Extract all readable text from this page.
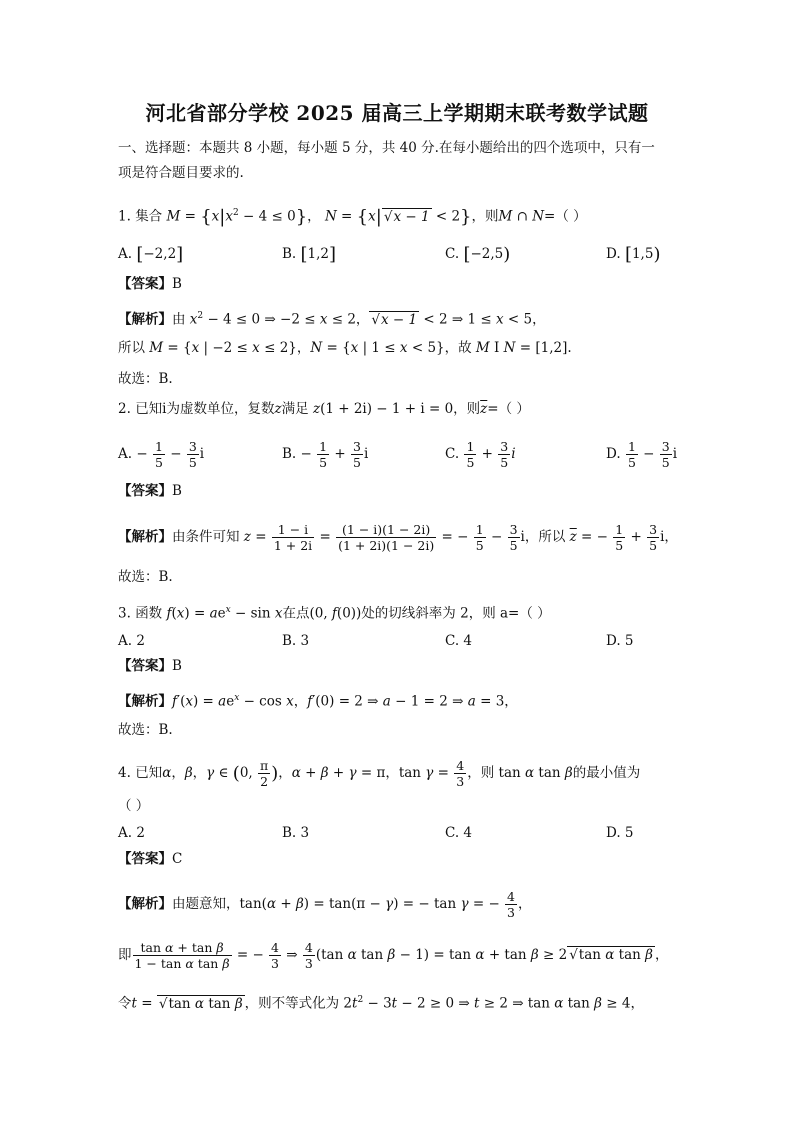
河北省部分学校 2025 届高三上学期期末联考数学试题
一、选择题：本题共 8 小题，每小题 5 分，共 40 分.在每小题给出的四个选项中，只有一
项是符合题目要求的.
1. 集合 $M = \{x|x^2 - 4 \le 0\}$， N = {x| √ x − 1 < 2}，则M ∩ N=（ ）
A. [−2,2]	B. [1,2]	C. [−2,5)	D. [1,5)
【答案】B
【解析】由 $x^2 - 4 \le 0$ ⇒ −2 ≤ x ≤ 2， √ x − 1 < 2 ⇒ 1 ≤ x < 5，
所以 M = {x | −2 ≤ x ≤ 2}，N = {x | 1 ≤ x < 5}，故 M I N = [1,2].
故选：B.
2. 已知i为虚数单位，复数z满足 z(1 + 2i) − 1 + i = 0，则$\overline{z}=$（ ）
A. − $\frac{1}{5} - \frac{3}{5}$ i	B. − $\frac{1}{5} + \frac{3}{5}$ i	C. $\frac{1}{5} + \frac{3}{5}$ i	D. $\frac{1}{5} - \frac{3}{5}$ i
【答案】B
【解析】由条件可知 $z = \frac{1 - i}{1 + 2i} = \frac{(1 - i)(1 - 2i)}{(1 + 2i)(1 - 2i)}$ = − $\frac{1}{5} - \frac{3}{5}$ i，所以 $\overline{z}$ = − $\frac{1}{5} + \frac{3}{5}$ i，
故选：B.
3. 函数 $f(x) = ae^x - \sin x$在点(0, f(0))处的切线斜率为 2，则 a=（ ）
A. 2	B. 3	C. 4	D. 5
【答案】B
【解析】$f'(x) = ae^x - \cos x$，f′(0) = 2 ⇒ a − 1 = 2 ⇒ a = 3，
故选：B.
4. 已知α，β，γ ∈ (0, $\frac{\pi}{2}$ )，α + β + γ = π，$\tan \gamma = \frac{4}{3}$ ，则 tan α tan β的最小值为
（ ）
A. 2	B. 3	C. 4	D. 5
【答案】C
【解析】由题意知，tan(α + β) = tan(π − γ) = − tan γ = − $\frac{4}{3}$ ，
即 $\frac{\text{tan α + tan β}}{\text{1 − tan α tan β}}$ = − $\frac{4}{3}$ ⇒ $\frac{4}{3} (\tan$ α tan β − 1) = tan α + tan β ≥ 2 √ tan α tan β ，
令t = √ tan α tan β ，则不等式化为 $2t^2 - 3t - 2 \ge 0$ ⇒ t ≥ 2 ⇒ tan α tan β ≥ 4，
